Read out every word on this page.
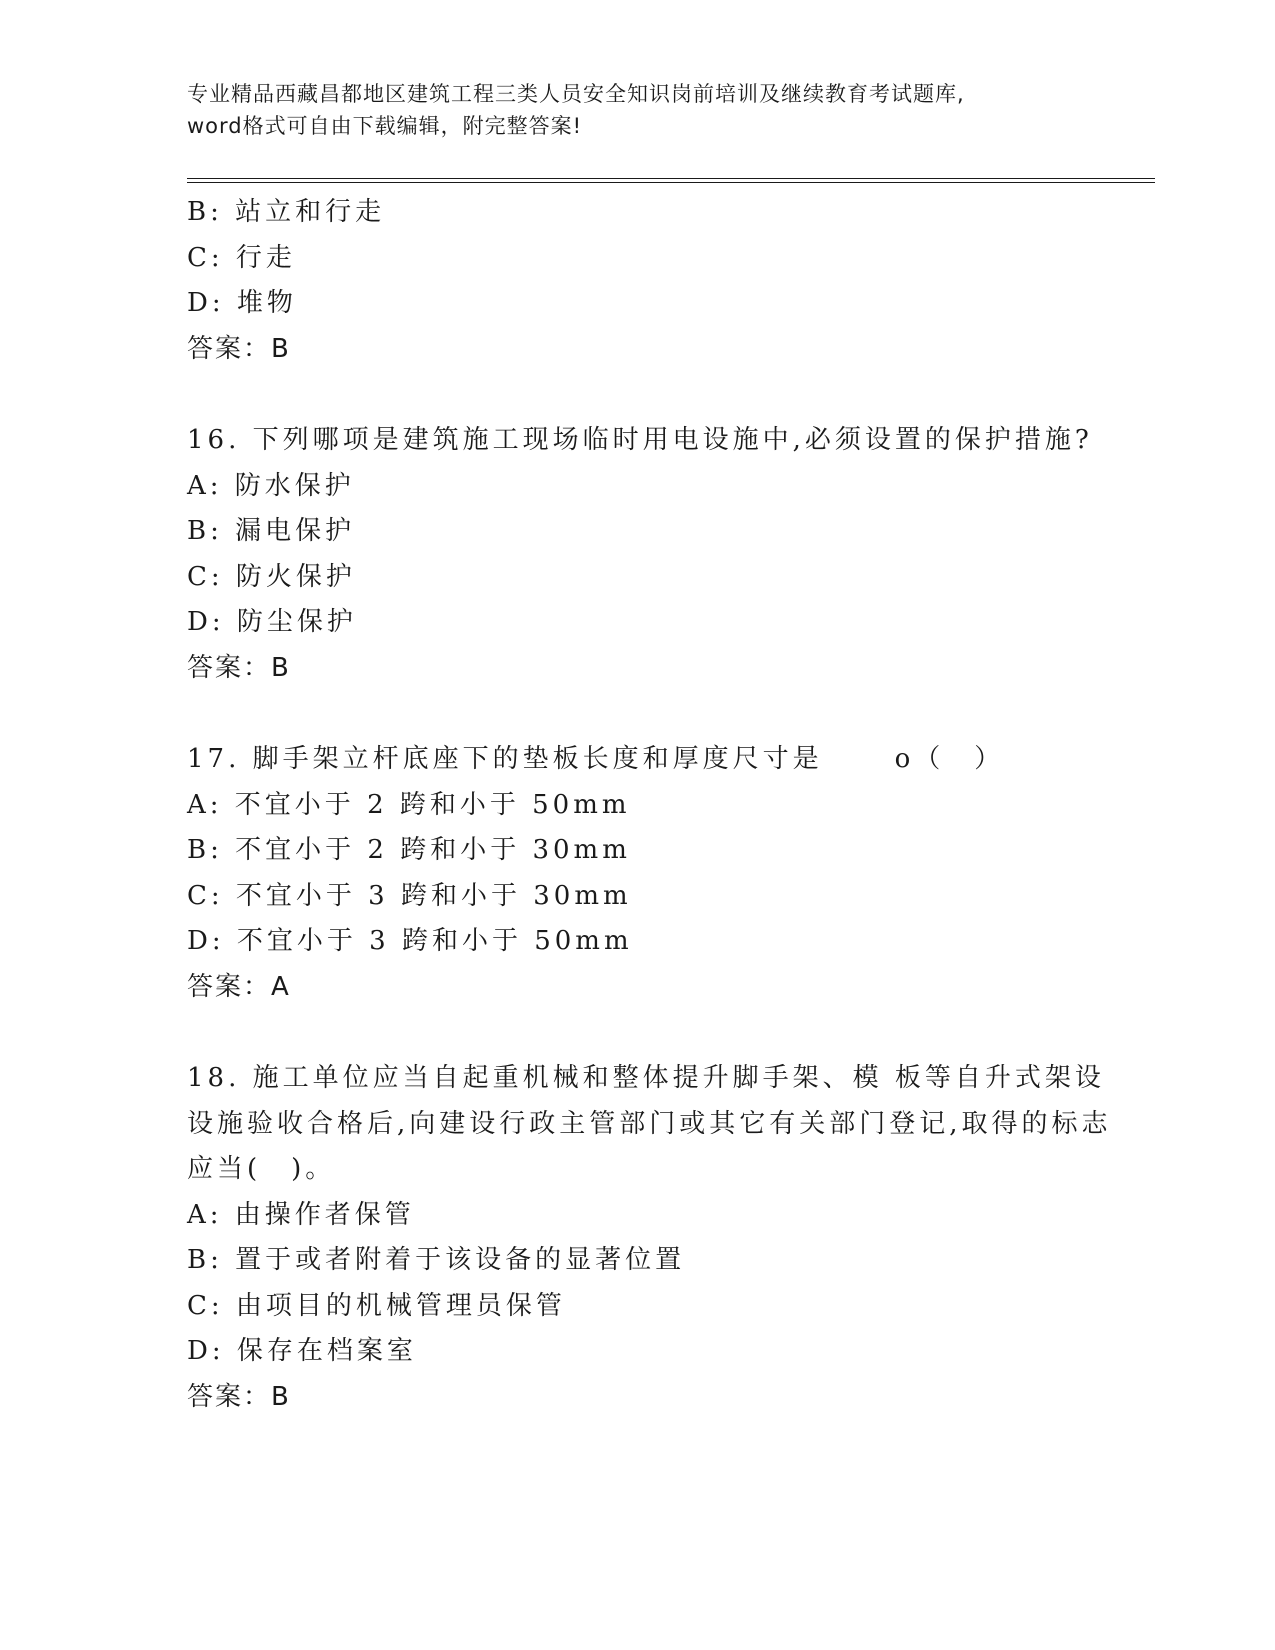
专业精品西藏昌都地区建筑工程三类人员安全知识岗前培训及继续教育考试题库,
word格式可自由下载编辑，附完整答案!
B: 站立和行走
C: 行走
D: 堆物
答案：B
16. 下列哪项是建筑施工现场临时用电设施中,必须设置的保护措施?
A: 防水保护
B: 漏电保护
C: 防火保护
D: 防尘保护
答案：B
17. 脚手架立杆底座下的垫板长度和厚度尺寸是	o（　）
A: 不宜小于 2 跨和小于 50mm
B: 不宜小于 2 跨和小于 30mm
C: 不宜小于 3 跨和小于 30mm
D: 不宜小于 3 跨和小于 50mm
答案：A
18. 施工单位应当自起重机械和整体提升脚手架、模 板等自升式架设设施验收合格后,向建设行政主管部门或其它有关部门登记,取得的标志应当(　)。
A: 由操作者保管
B: 置于或者附着于该设备的显著位置
C: 由项目的机械管理员保管
D: 保存在档案室
答案：B
